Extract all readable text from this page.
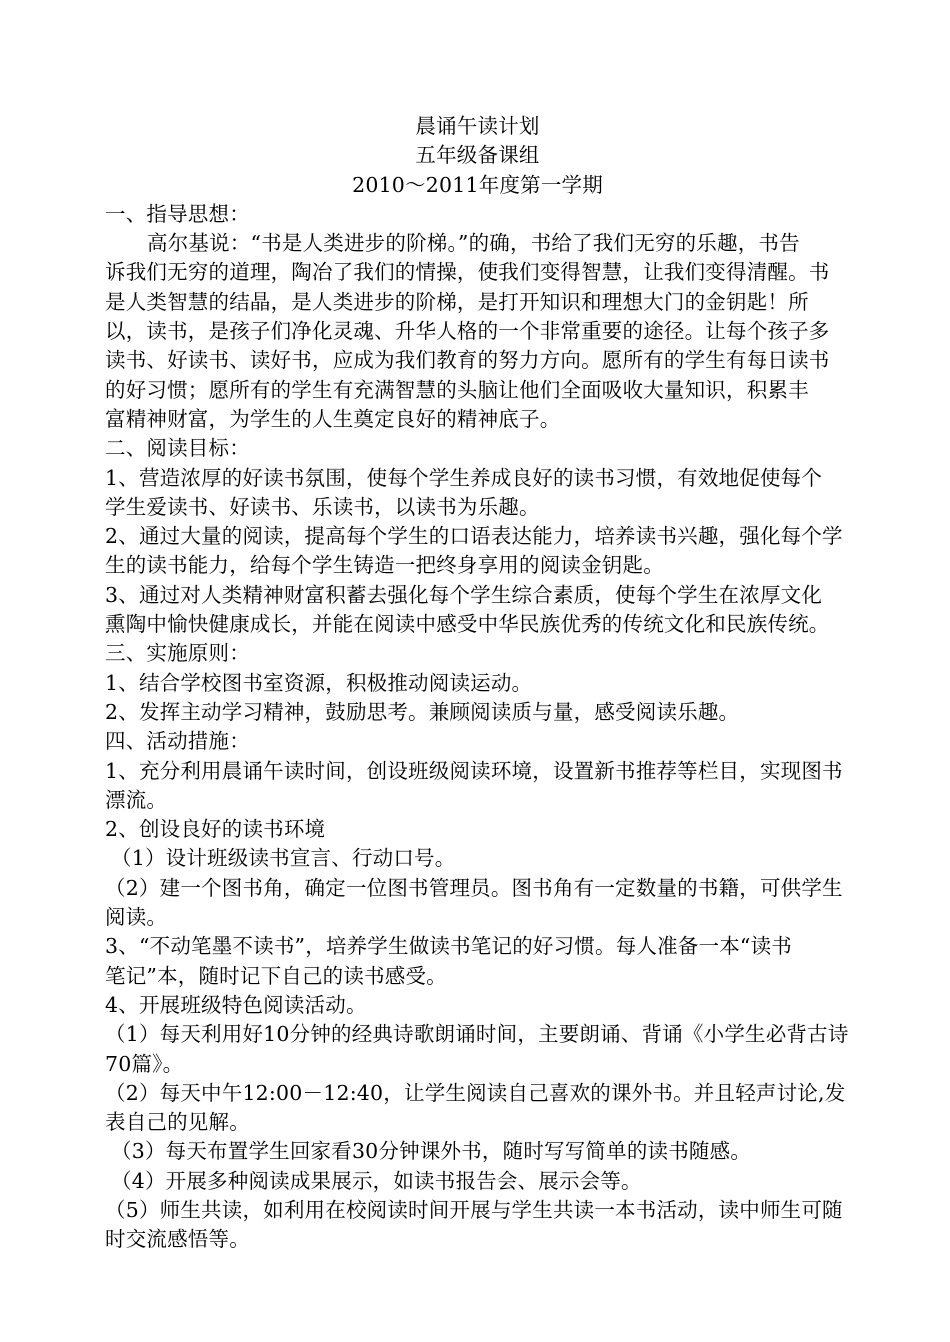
晨诵午读计划

五年级备课组

2010～2011年度第一学期

一、指导思想：

高尔基说：“书是人类进步的阶梯。”的确，书给了我们无穷的乐趣，书告

诉我们无穷的道理，陶冶了我们的情操，使我们变得智慧，让我们变得清醒。书

是人类智慧的结晶，是人类进步的阶梯，是打开知识和理想大门的金钥匙！所

以，读书，是孩子们净化灵魂、升华人格的一个非常重要的途径。让每个孩子多

读书、好读书、读好书，应成为我们教育的努力方向。愿所有的学生有每日读书

的好习惯；愿所有的学生有充满智慧的头脑让他们全面吸收大量知识，积累丰

富精神财富，为学生的人生奠定良好的精神底子。

二、阅读目标：

1、营造浓厚的好读书氛围，使每个学生养成良好的读书习惯，有效地促使每个

学生爱读书、好读书、乐读书，以读书为乐趣。

2、通过大量的阅读，提高每个学生的口语表达能力，培养读书兴趣，强化每个学

生的读书能力，给每个学生铸造一把终身享用的阅读金钥匙。

3、通过对人类精神财富积蓄去强化每个学生综合素质，使每个学生在浓厚文化

熏陶中愉快健康成长，并能在阅读中感受中华民族优秀的传统文化和民族传统。

三、实施原则：

1、结合学校图书室资源，积极推动阅读运动。

2、发挥主动学习精神，鼓励思考。兼顾阅读质与量，感受阅读乐趣。

四、活动措施：

1、充分利用晨诵午读时间，创设班级阅读环境，设置新书推荐等栏目，实现图书

漂流。

2、创设良好的读书环境

（1）设计班级读书宣言、行动口号。

（2）建一个图书角，确定一位图书管理员。图书角有一定数量的书籍，可供学生

阅读。

3、“不动笔墨不读书”，培养学生做读书笔记的好习惯。每人准备一本“读书

笔记”本，随时记下自己的读书感受。

4、开展班级特色阅读活动。

（1）每天利用好10分钟的经典诗歌朗诵时间，主要朗诵、背诵《小学生必背古诗

70篇》。

（2）每天中午12:00－12:40，让学生阅读自己喜欢的课外书。并且轻声讨论,发

表自己的见解。

（3）每天布置学生回家看30分钟课外书，随时写写简单的读书随感。

（4）开展多种阅读成果展示，如读书报告会、展示会等。

（5）师生共读，如利用在校阅读时间开展与学生共读一本书活动，读中师生可随

时交流感悟等。
